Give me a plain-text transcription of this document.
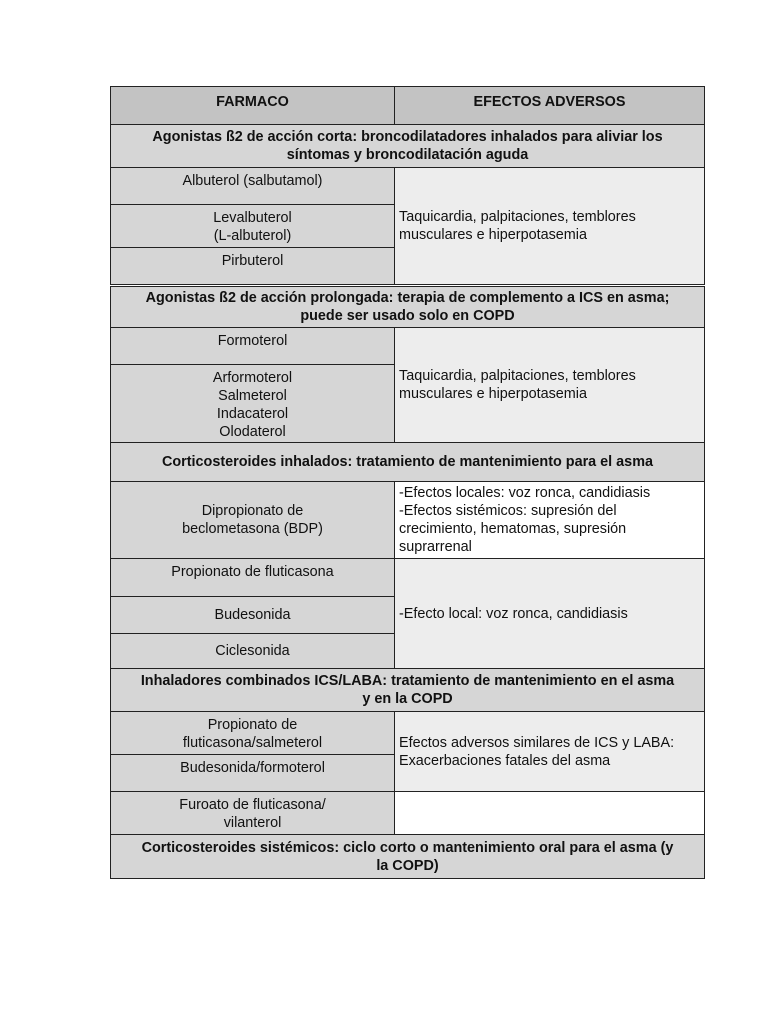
FARMACO	EFECTOS ADVERSOS
Agonistas ß2 de acción corta: broncodilatadores inhalados para aliviar los
síntomas y broncodilatación aguda
Albuterol (salbutamol)
Levalbuterol
(L-albuterol)
Pirbuterol
Taquicardia, palpitaciones, temblores
musculares e hiperpotasemia
Agonistas ß2 de acción prolongada: terapia de complemento a ICS en asma;
puede ser usado solo en COPD
Formoterol
Arformoterol
Salmeterol
Indacaterol
Olodaterol
Taquicardia, palpitaciones, temblores
musculares e hiperpotasemia
Corticosteroides inhalados: tratamiento de mantenimiento para el asma
Dipropionato de
beclometasona (BDP)
-Efectos locales: voz ronca, candidiasis
-Efectos sistémicos: supresión del
crecimiento, hematomas, supresión
suprarrenal
Propionato de fluticasona
Budesonida
Ciclesonida
-Efecto local: voz ronca, candidiasis
Inhaladores combinados ICS/LABA: tratamiento de mantenimiento en el asma
y en la COPD
Propionato de
fluticasona/salmeterol
Budesonida/formoterol
Efectos adversos similares de ICS y LABA:
Exacerbaciones fatales del asma
Furoato de fluticasona/
vilanterol
Corticosteroides sistémicos: ciclo corto o mantenimiento oral para el asma (y
la COPD)
